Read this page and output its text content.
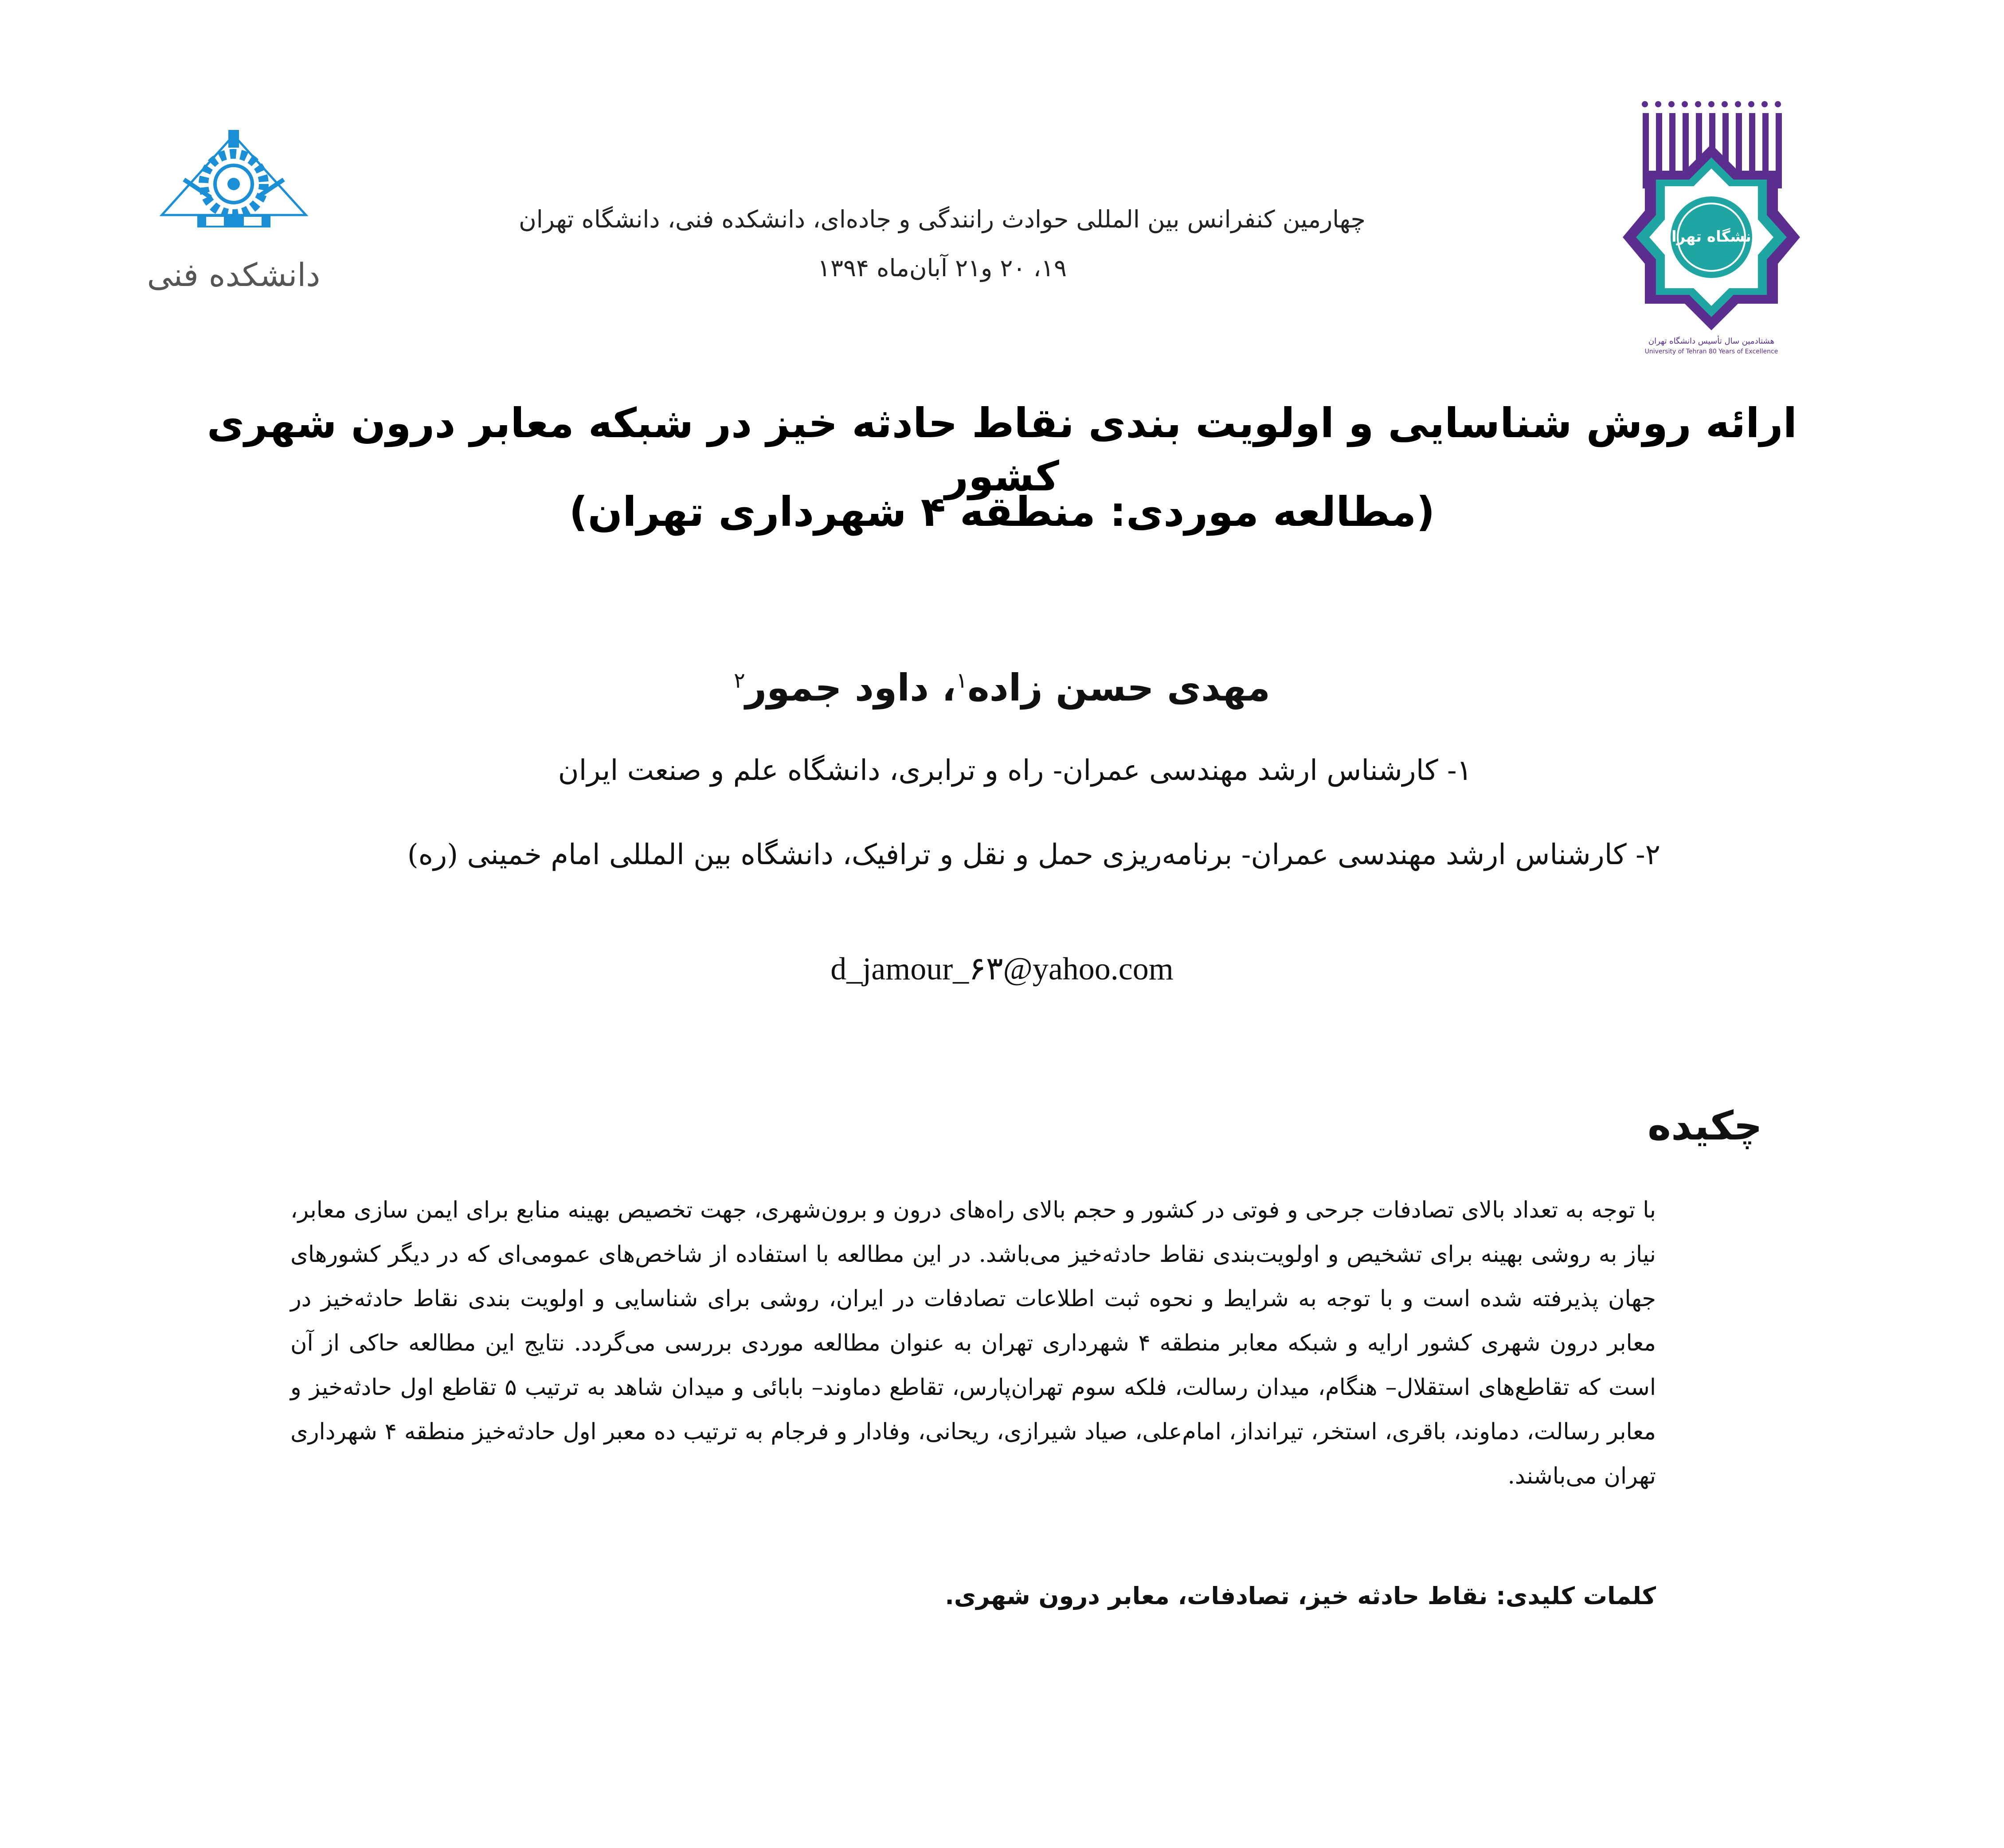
دانشکده فنی
چهارمین کنفرانس بین المللی حوادث رانندگی و جاده‌ای، دانشکده فنی، دانشگاه تهران
۱۹، ۲۰ و۲۱ آبان‌ماه ۱۳۹۴
دانشگاه تهران
هشتادمین سال تأسیس دانشگاه تهران
University of Tehran 80 Years of Excellence
ارائه روش شناسایی و اولویت بندی نقاط حادثه خیز در شبکه معابر درون شهری کشور
(مطالعه موردی: منطقه ۴ شهرداری تهران)
مهدی حسن زاده$^۱$، داود جمور$^۲$
۱- کارشناس ارشد مهندسی عمران- راه و ترابری، دانشگاه علم و صنعت ایران
۲- کارشناس ارشد مهندسی عمران- برنامه‌ریزی حمل و نقل و ترافیک، دانشگاه بین المللی امام خمینی (ره)
d_jamour_۶۳@yahoo.com
چکیده
با توجه به تعداد بالای تصادفات جرحی و فوتی در کشور و حجم بالای راه‌های درون و برون‌شهری، جهت تخصیص بهینه منابع برای ایمن سازی معابر، نیاز به روشی بهینه برای تشخیص و اولویت‌بندی نقاط حادثه‌خیز می‌باشد. در این مطالعه با استفاده از شاخص‌های عمومی‌ای که در دیگر کشورهای جهان پذیرفته شده است و با توجه به شرایط و نحوه ثبت اطلاعات تصادفات در ایران، روشی برای شناسایی و اولویت بندی نقاط حادثه‌خیز در معابر درون شهری کشور ارایه و شبکه معابر منطقه ۴ شهرداری تهران به عنوان مطالعه موردی بررسی می‌گردد. نتایج این مطالعه حاکی از آن است که تقاطع‌های استقلال– هنگام، میدان رسالت، فلکه سوم تهران‌پارس، تقاطع دماوند– بابائی و میدان شاهد به ترتیب ۵ تقاطع اول حادثه‌خیز و معابر رسالت، دماوند، باقری، استخر، تیرانداز، امام‌علی، صیاد شیرازی، ریحانی، وفادار و فرجام به ترتیب ده معبر اول حادثه‌خیز منطقه ۴ شهرداری تهران می‌باشند.
کلمات کلیدی: نقاط حادثه خیز، تصادفات، معابر درون شهری.
